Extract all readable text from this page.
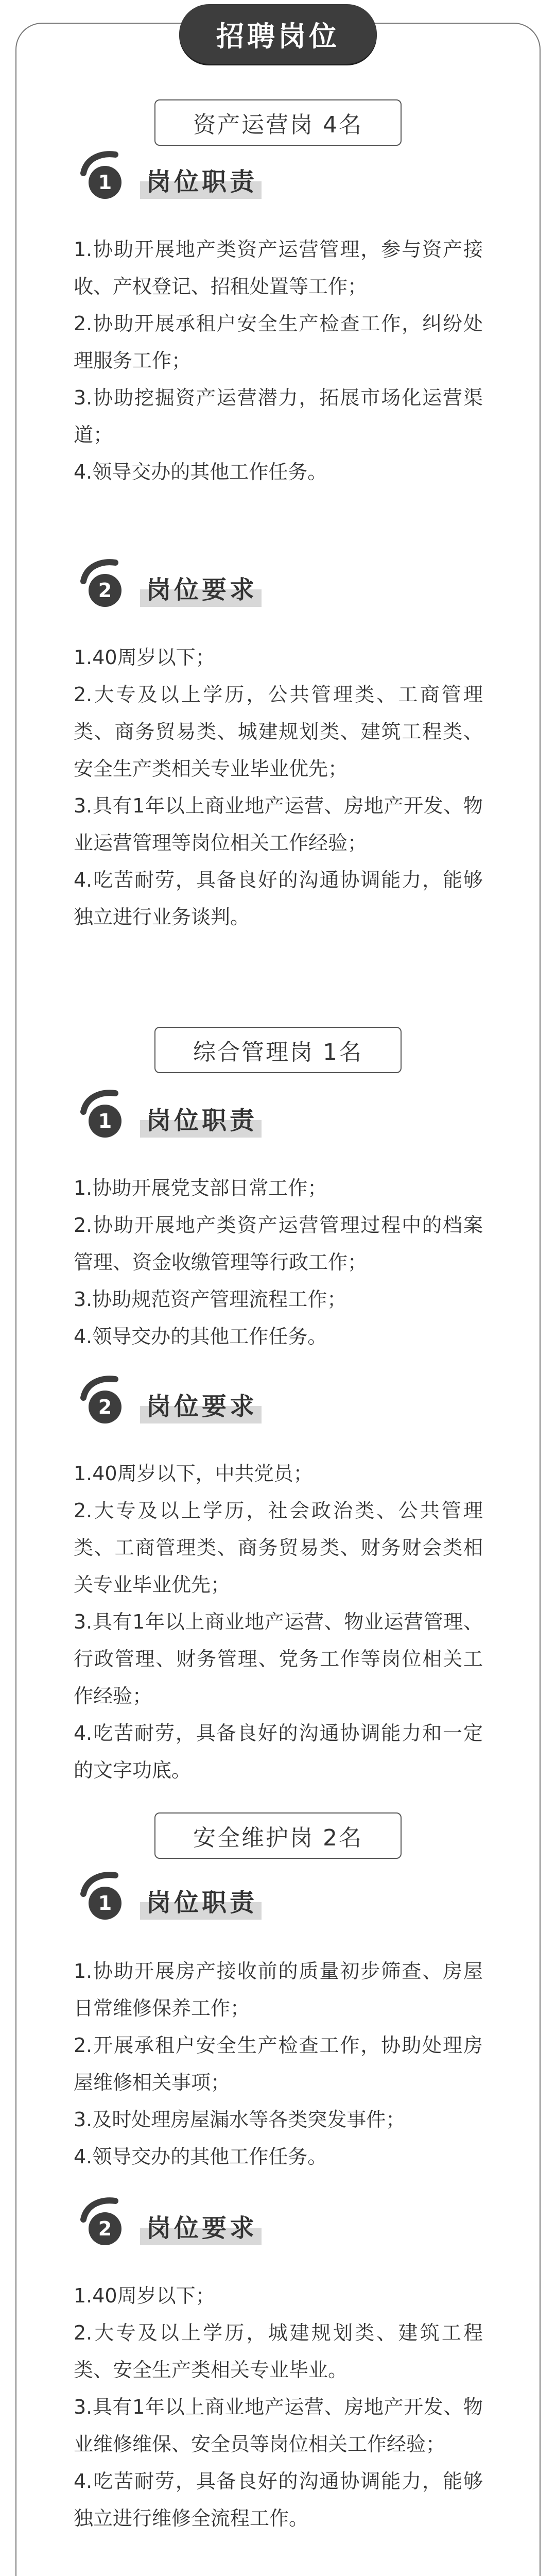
招聘岗位
资产运营岗 4名
1	岗位职责

1.协助开展地产类资产运营管理，参与资产接收、产权登记、招租处置等工作；

2.协助开展承租户安全生产检查工作，纠纷处理服务工作；

3.协助挖掘资产运营潜力，拓展市场化运营渠道；

4.领导交办的其他工作任务。

2	岗位要求

1.40周岁以下；

2.大专及以上学历，公共管理类、工商管理类、商务贸易类、城建规划类、建筑工程类、安全生产类相关专业毕业优先；

3.具有1年以上商业地产运营、房地产开发、物业运营管理等岗位相关工作经验；

4.吃苦耐劳，具备良好的沟通协调能力，能够独立进行业务谈判。

综合管理岗 1名
1	岗位职责

1.协助开展党支部日常工作；

2.协助开展地产类资产运营管理过程中的档案管理、资金收缴管理等行政工作；

3.协助规范资产管理流程工作；

4.领导交办的其他工作任务。

2	岗位要求

1.40周岁以下，中共党员；

2.大专及以上学历，社会政治类、公共管理类、工商管理类、商务贸易类、财务财会类相关专业毕业优先；

3.具有1年以上商业地产运营、物业运营管理、行政管理、财务管理、党务工作等岗位相关工作经验；

4.吃苦耐劳，具备良好的沟通协调能力和一定的文字功底。

安全维护岗 2名
1	岗位职责

1.协助开展房产接收前的质量初步筛查、房屋日常维修保养工作；

2.开展承租户安全生产检查工作，协助处理房屋维修相关事项；

3.及时处理房屋漏水等各类突发事件；

4.领导交办的其他工作任务。

2	岗位要求

1.40周岁以下；

2.大专及以上学历，城建规划类、建筑工程类、安全生产类相关专业毕业。

3.具有1年以上商业地产运营、房地产开发、物业维修维保、安全员等岗位相关工作经验；

4.吃苦耐劳，具备良好的沟通协调能力，能够独立进行维修全流程工作。
